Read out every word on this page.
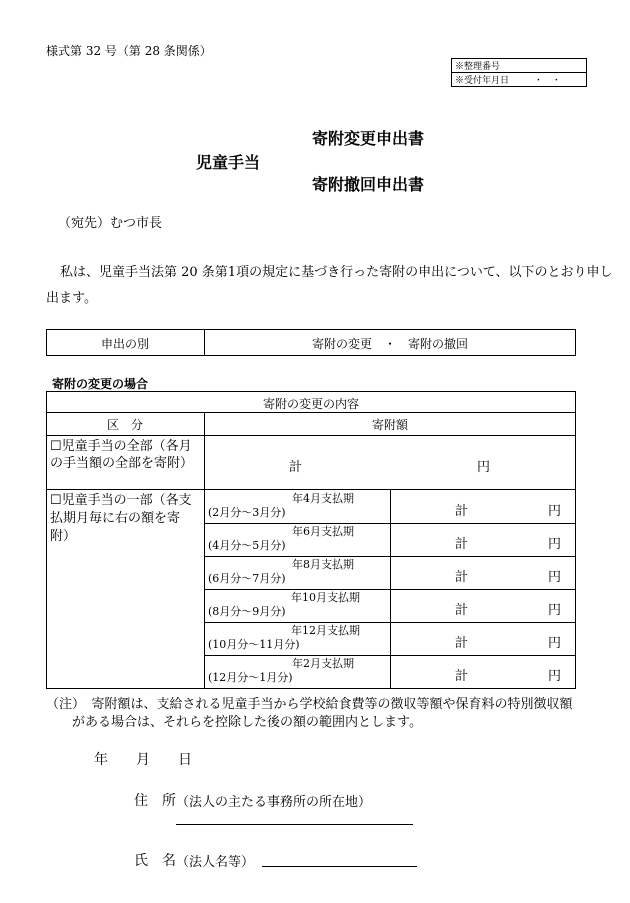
様式第 32 号（第 28 条関係）
※整理番号
※受付年月日	・　・
児童手当
寄附変更申出書
寄附撤回申出書
（宛先）むつ市長
私は、児童手当法第 20 条第1項の規定に基づき行った寄附の申出について、以下のとおり申し
出ます。
申出の別	寄附の変更　・　寄附の撤回
寄附の変更の場合
寄附の変更の内容
区　分	寄附額
☐児童手当の全部（各月
の手当額の全部を寄附）	計	円
☐児童手当の一部（各支
払期月毎に右の額を寄
附）
年4月支払期
(2月分～3月分)	計	円
年6月支払期
(4月分～5月分)	計	円
年8月支払期
(6月分～7月分)	計	円
年10月支払期
(8月分～9月分)	計	円
年12月支払期
(10月分～11月分)	計	円
年2月支払期
(12月分～1月分)	計	円
（注）　寄附額は、支給される児童手当から学校給食費等の徴収等額や保育料の特別徴収額
がある場合は、それらを控除した後の額の範囲内とします。
年　　月　　日
住　所 （法人の主たる事務所の所在地）
氏　名 （法人名等）
